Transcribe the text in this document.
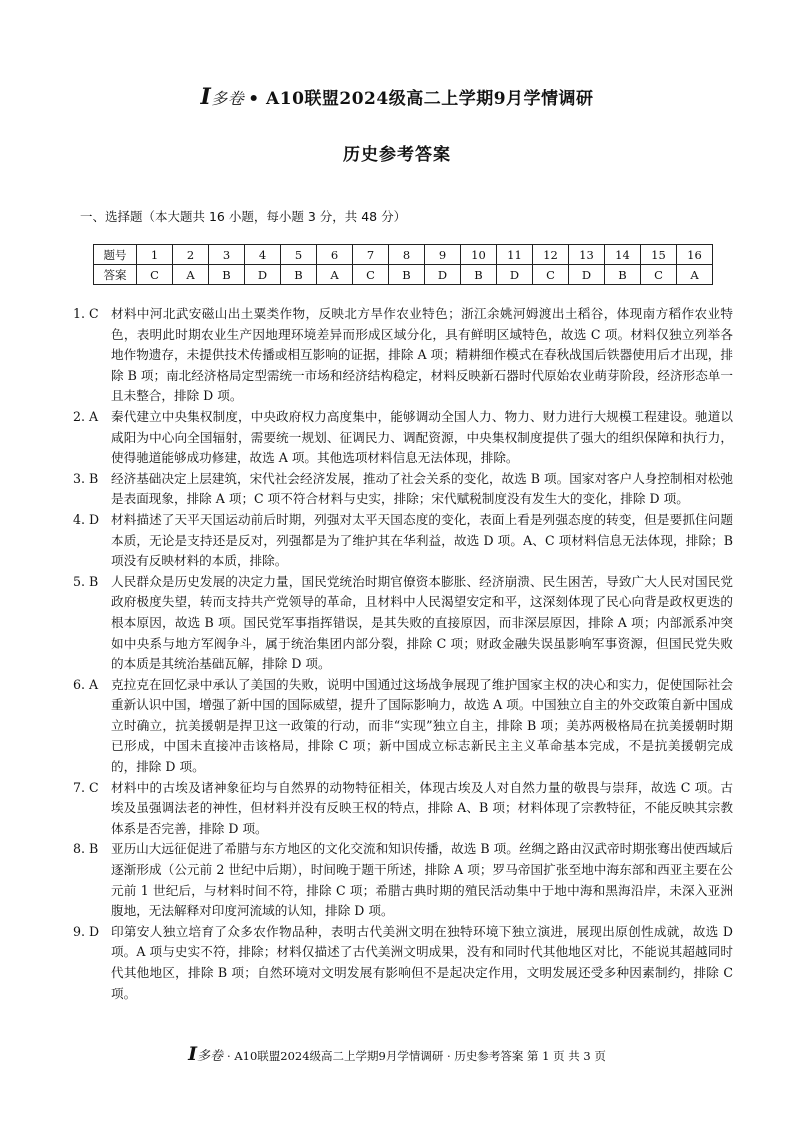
I多卷 • A10联盟2024级高二上学期9月学情调研
历史参考答案
一、选择题（本大题共 16 小题，每小题 3 分，共 48 分）
题号	1	2	3	4	5	6	7	8	9	10	11	12	13	14	15	16
答案	C	A	B	D	B	A	C	B	D	B	D	C	D	B	C	A
1. C 材料中河北武安磁山出土粟类作物，反映北方旱作农业特色；浙江余姚河姆渡出土稻谷，体现南方稻作农业特色，表明此时期农业生产因地理环境差异而形成区域分化，具有鲜明区域特色，故选 C 项。材料仅独立列举各地作物遗存，未提供技术传播或相互影响的证据，排除 A 项；精耕细作模式在春秋战国后铁器使用后才出现，排除 B 项；南北经济格局定型需统一市场和经济结构稳定，材料反映新石器时代原始农业萌芽阶段，经济形态单一且未整合，排除 D 项。
2. A	秦代建立中央集权制度，中央政府权力高度集中，能够调动全国人力、物力、财力进行大规模工程建设。驰道以咸阳为中心向全国辐射，需要统一规划、征调民力、调配资源，中央集权制度提供了强大的组织保障和执行力，使得驰道能够成功修建，故选 A 项。其他选项材料信息无法体现，排除。
3. B	经济基础决定上层建筑，宋代社会经济发展，推动了社会关系的变化，故选 B 项。国家对客户人身控制相对松弛是表面现象，排除 A 项；C 项不符合材料与史实，排除；宋代赋税制度没有发生大的变化，排除 D 项。
4. D 材料描述了天平天国运动前后时期，列强对太平天国态度的变化，表面上看是列强态度的转变，但是要抓住问题本质，无论是支持还是反对，列强都是为了维护其在华利益，故选 D 项。A、C 项材料信息无法体现，排除；B 项没有反映材料的本质，排除。
5. B	人民群众是历史发展的决定力量，国民党统治时期官僚资本膨胀、经济崩溃、民生困苦，导致广大人民对国民党政府极度失望，转而支持共产党领导的革命，且材料中人民渴望安定和平，这深刻体现了民心向背是政权更迭的根本原因，故选 B 项。国民党军事指挥错误，是其失败的直接原因，而非深层原因，排除 A 项；内部派系冲突如中央系与地方军阀争斗，属于统治集团内部分裂，排除 C 项；财政金融失误虽影响军事资源，但国民党失败的本质是其统治基础瓦解，排除 D 项。
6. A	克拉克在回忆录中承认了美国的失败，说明中国通过这场战争展现了维护国家主权的决心和实力，促使国际社会重新认识中国，增强了新中国的国际威望，提升了国际影响力，故选 A 项。中国独立自主的外交政策自新中国成立时确立，抗美援朝是捍卫这一政策的行动，而非“实现”独立自主，排除 B 项；美苏两极格局在抗美援朝时期已形成，中国未直接冲击该格局，排除 C 项；新中国成立标志新民主主义革命基本完成，不是抗美援朝完成的，排除 D 项。
7. C 材料中的古埃及诸神象征均与自然界的动物特征相关，体现古埃及人对自然力量的敬畏与崇拜，故选 C 项。古埃及虽强调法老的神性，但材料并没有反映王权的特点，排除 A、B 项；材料体现了宗教特征，不能反映其宗教体系是否完善，排除 D 项。
8. B	亚历山大远征促进了希腊与东方地区的文化交流和知识传播，故选 B 项。丝绸之路由汉武帝时期张骞出使西域后逐渐形成（公元前 2 世纪中后期），时间晚于题干所述，排除 A 项；罗马帝国扩张至地中海东部和西亚主要在公元前 1 世纪后，与材料时间不符，排除 C 项；希腊古典时期的殖民活动集中于地中海和黑海沿岸，未深入亚洲腹地，无法解释对印度河流域的认知，排除 D 项。
9. D 印第安人独立培育了众多农作物品种，表明古代美洲文明在独特环境下独立演进，展现出原创性成就，故选 D 项。A 项与史实不符，排除；材料仅描述了古代美洲文明成果，没有和同时代其他地区对比，不能说其超越同时代其他地区，排除 B 项；自然环境对文明发展有影响但不是起决定作用，文明发展还受多种因素制约，排除 C 项。
I多卷 · A10联盟2024级高二上学期9月学情调研 · 历史参考答案 第 1 页 共 3 页
